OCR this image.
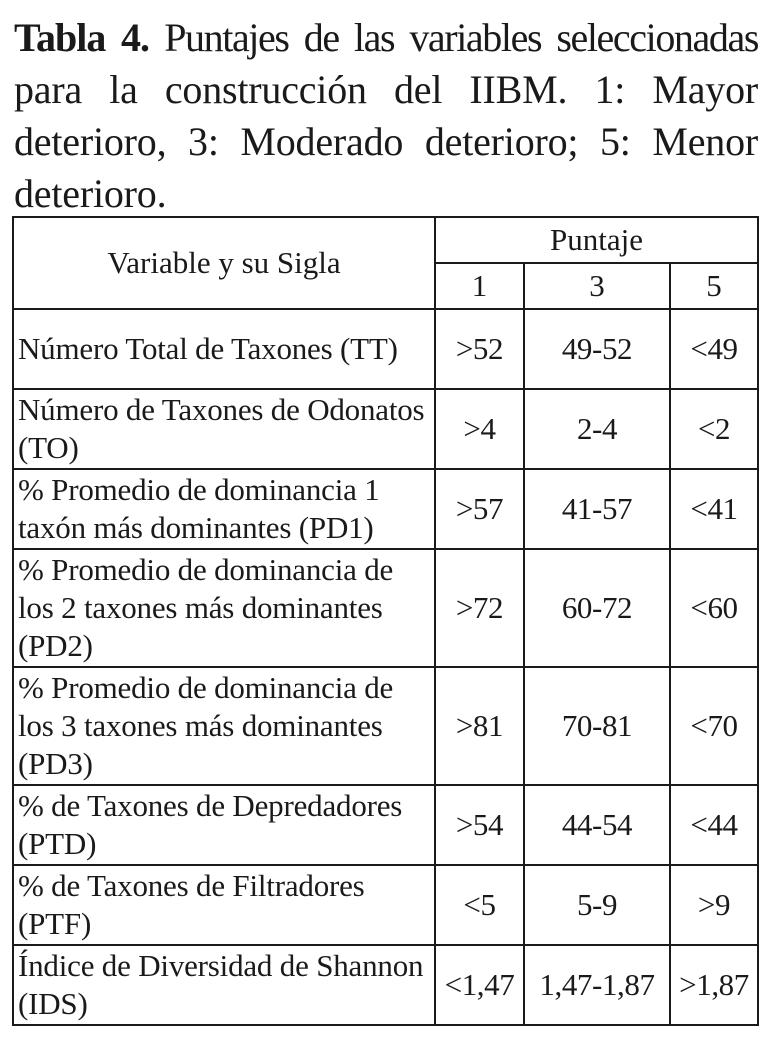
Tabla 4. Puntajes de las variables seleccionadas para la construcción del IIBM. 1: Mayor deterioro, 3: Moderado deterioro; 5: Menor deterioro.

Variable y su Sigla	Puntaje		
	1	3	5
Número Total de Taxones (TT)	>52	49-52	<49
Número de Taxones de Odonatos (TO)	>4	2-4	<2
% Promedio de dominancia 1 taxón más dominantes (PD1)	>57	41-57	<41
% Promedio de dominancia de los 2 taxones más dominantes (PD2)	>72	60-72	<60
% Promedio de dominancia de los 3 taxones más dominantes (PD3)	>81	70-81	<70
% de Taxones de Depredadores (PTD)	>54	44-54	<44
% de Taxones de Filtradores (PTF)	<5	5-9	>9
Índice de Diversidad de Shannon (IDS)	<1,47	1,47-1,87	>1,87
